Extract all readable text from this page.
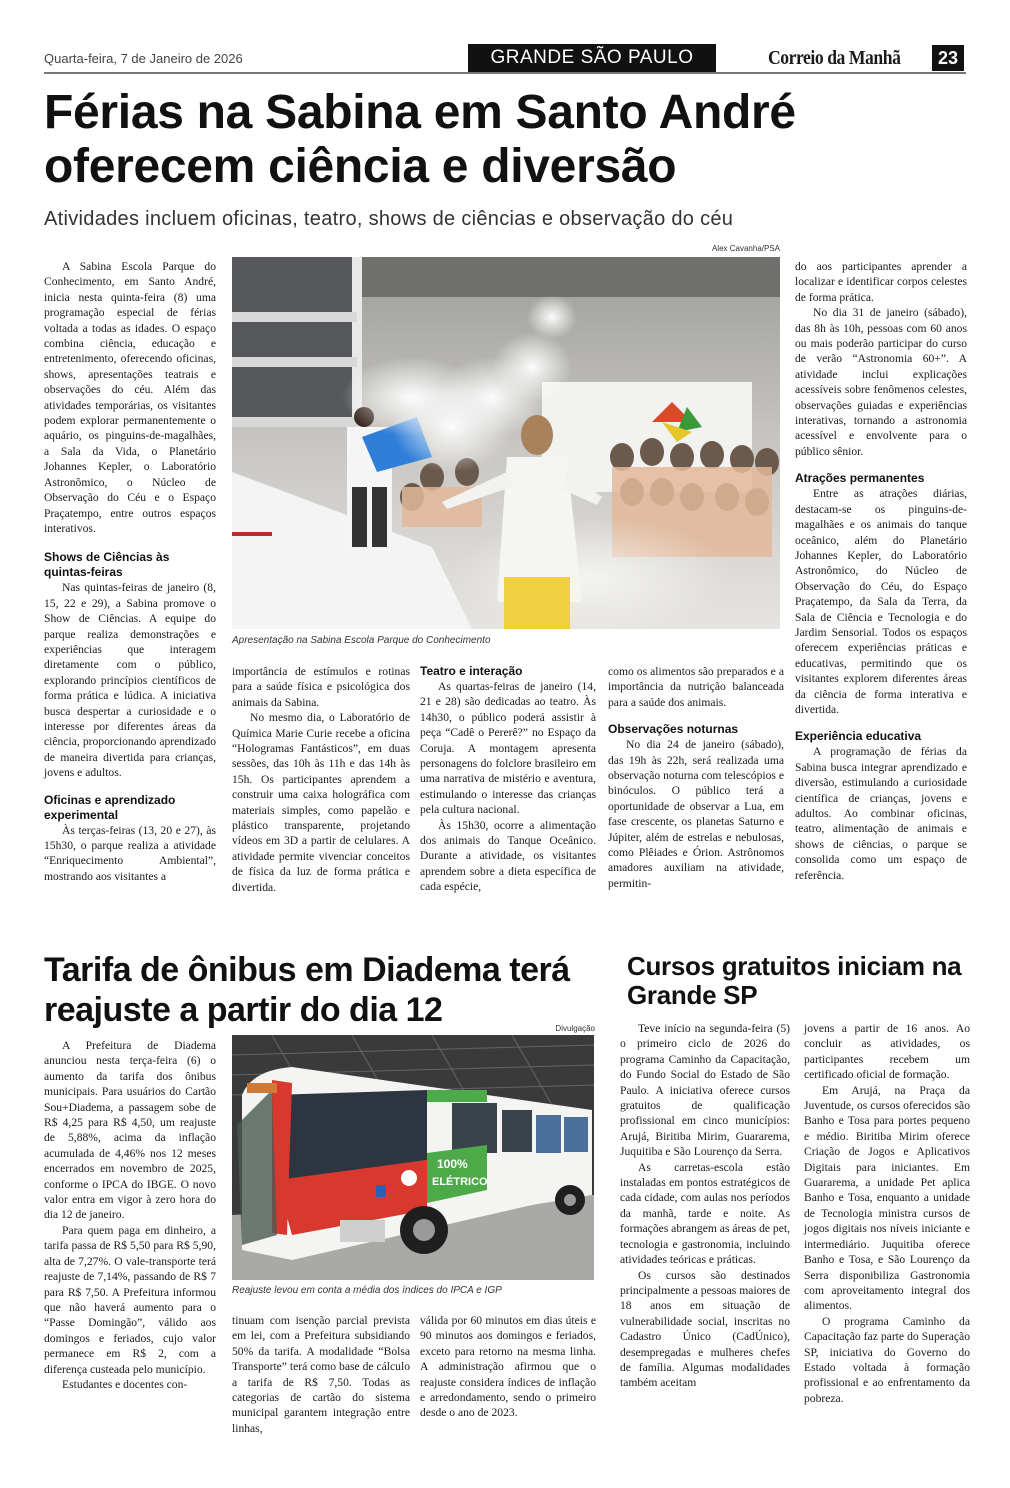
Quarta-feira, 7 de Janeiro de 2026	GRANDE SÃO PAULO	Correio da Manhã	23
Férias na Sabina em Santo André oferecem ciência e diversão
Atividades incluem oficinas, teatro, shows de ciências e observação do céu
Alex Cavanha/PSA

A Sabina Escola Parque do Conhecimento, em Santo André, inicia nesta quinta-feira (8) uma programação especial de férias voltada a todas as idades. O espaço combina ciência, educação e entretenimento, oferecendo oficinas, shows, apresentações teatrais e observações do céu. Além das atividades temporárias, os visitantes podem explorar permanentemente o aquário, os pinguins-de-magalhães, a Sala da Vida, o Planetário Johannes Kepler, o Laboratório Astronômico, o Núcleo de Observação do Céu e o Espaço Praçatempo, entre outros espaços interativos.

Shows de Ciências às quintas-feiras

Nas quintas-feiras de janeiro (8, 15, 22 e 29), a Sabina promove o Show de Ciências. A equipe do parque realiza demonstrações e experiências que interagem diretamente com o público, explorando princípios científicos de forma prática e lúdica. A iniciativa busca despertar a curiosidade e o interesse por diferentes áreas da ciência, proporcionando aprendizado de maneira divertida para crianças, jovens e adultos.

Oficinas e aprendizado experimental

Às terças-feiras (13, 20 e 27), às 15h30, o parque realiza a atividade “Enriquecimento Ambiental”, mostrando aos visitantes a

Apresentação na Sabina Escola Parque do Conhecimento

importância de estímulos e rotinas para a saúde física e psicológica dos animais da Sabina.

No mesmo dia, o Laboratório de Química Marie Curie recebe a oficina “Hologramas Fantásticos”, em duas sessões, das 10h às 11h e das 14h às 15h. Os participantes aprendem a construir uma caixa holográfica com materiais simples, como papelão e plástico transparente, projetando vídeos em 3D a partir de celulares. A atividade permite vivenciar conceitos de física da luz de forma prática e divertida.

Teatro e interação

As quartas-feiras de janeiro (14, 21 e 28) são dedicadas ao teatro. Às 14h30, o público poderá assistir à peça “Cadê o Pererê?” no Espaço da Coruja. A montagem apresenta personagens do folclore brasileiro em uma narrativa de mistério e aventura, estimulando o interesse das crianças pela cultura nacional.

Às 15h30, ocorre a alimentação dos animais do Tanque Oceânico. Durante a atividade, os visitantes aprendem sobre a dieta específica de cada espécie,

como os alimentos são preparados e a importância da nutrição balanceada para a saúde dos animais.

Observações noturnas

No dia 24 de janeiro (sábado), das 19h às 22h, será realizada uma observação noturna com telescópios e binóculos. O público terá a oportunidade de observar a Lua, em fase crescente, os planetas Saturno e Júpiter, além de estrelas e nebulosas, como Plêiades e Órion. Astrônomos amadores auxiliam na atividade, permitin-

do aos participantes aprender a localizar e identificar corpos celestes de forma prática.

No dia 31 de janeiro (sábado), das 8h às 10h, pessoas com 60 anos ou mais poderão participar do curso de verão “Astronomia 60+”. A atividade inclui explicações acessíveis sobre fenômenos celestes, observações guiadas e experiências interativas, tornando a astronomia acessível e envolvente para o público sênior.

Atrações permanentes

Entre as atrações diárias, destacam-se os pinguins-de-magalhães e os animais do tanque oceânico, além do Planetário Johannes Kepler, do Laboratório Astronômico, do Núcleo de Observação do Céu, do Espaço Praçatempo, da Sala da Terra, da Sala de Ciência e Tecnologia e do Jardim Sensorial. Todos os espaços oferecem experiências práticas e educativas, permitindo que os visitantes explorem diferentes áreas da ciência de forma interativa e divertida.

Experiência educativa

A programação de férias da Sabina busca integrar aprendizado e diversão, estimulando a curiosidade científica de crianças, jovens e adultos. Ao combinar oficinas, teatro, alimentação de animais e shows de ciências, o parque se consolida como um espaço de referência.

Tarifa de ônibus em Diadema terá reajuste a partir do dia 12	Divulgação

A Prefeitura de Diadema anunciou nesta terça-feira (6) o aumento da tarifa dos ônibus municipais. Para usuários do Cartão Sou+Diadema, a passagem sobe de R$ 4,25 para R$ 4,50, um reajuste de 5,88%, acima da inflação acumulada de 4,46% nos 12 meses encerrados em novembro de 2025, conforme o IPCA do IBGE. O novo valor entra em vigor à zero hora do dia 12 de janeiro.

Para quem paga em dinheiro, a tarifa passa de R$ 5,50 para R$ 5,90, alta de 7,27%. O vale-transporte terá reajuste de 7,14%, passando de R$ 7 para R$ 7,50. A Prefeitura informou que não haverá aumento para o “Passe Domingão”, válido aos domingos e feriados, cujo valor permanece em R$ 2, com a diferença custeada pelo município.

Estudantes e docentes con-

100%
ELÉTRICO
Reajuste levou em conta a média dos índices do IPCA e IGP

tinuam com isenção parcial prevista em lei, com a Prefeitura subsidiando 50% da tarifa. A modalidade “Bolsa Transporte” terá como base de cálculo a tarifa de R$ 7,50. Todas as categorias de cartão do sistema municipal garantem integração entre linhas,

válida por 60 minutos em dias úteis e 90 minutos aos domingos e feriados, exceto para retorno na mesma linha. A administração afirmou que o reajuste considera índices de inflação e arredondamento, sendo o primeiro desde o ano de 2023.

Cursos gratuitos iniciam na Grande SP

Teve início na segunda-feira (5) o primeiro ciclo de 2026 do programa Caminho da Capacitação, do Fundo Social do Estado de São Paulo. A iniciativa oferece cursos gratuitos de qualificação profissional em cinco municípios: Arujá, Biritiba Mirim, Guararema, Juquitiba e São Lourenço da Serra.

As carretas-escola estão instaladas em pontos estratégicos de cada cidade, com aulas nos períodos da manhã, tarde e noite. As formações abrangem as áreas de pet, tecnologia e gastronomia, incluindo atividades teóricas e práticas.

Os cursos são destinados principalmente a pessoas maiores de 18 anos em situação de vulnerabilidade social, inscritas no Cadastro Único (CadÚnico), desempregadas e mulheres chefes de família. Algumas modalidades também aceitam

jovens a partir de 16 anos. Ao concluir as atividades, os participantes recebem um certificado oficial de formação.

Em Arujá, na Praça da Juventude, os cursos oferecidos são Banho e Tosa para portes pequeno e médio. Biritiba Mirim oferece Criação de Jogos e Aplicativos Digitais para iniciantes. Em Guararema, a unidade Pet aplica Banho e Tosa, enquanto a unidade de Tecnologia ministra cursos de jogos digitais nos níveis iniciante e intermediário. Juquitiba oferece Banho e Tosa, e São Lourenço da Serra disponibiliza Gastronomia com aproveitamento integral dos alimentos.

O programa Caminho da Capacitação faz parte do Superação SP, iniciativa do Governo do Estado voltada à formação profissional e ao enfrentamento da pobreza.
